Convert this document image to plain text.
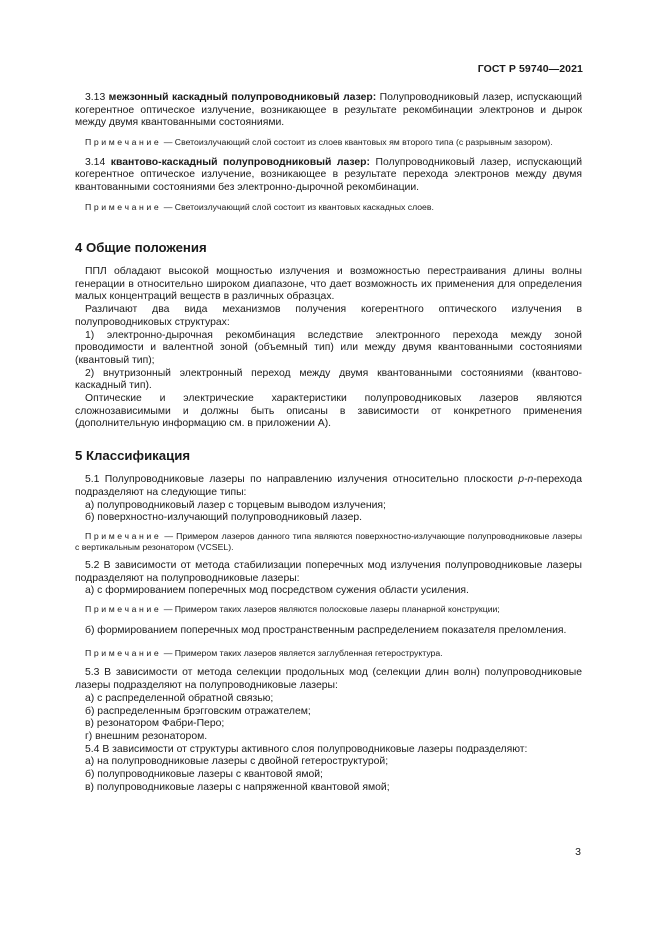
ГОСТ Р 59740—2021

3.13 межзонный каскадный полупроводниковый лазер: Полупроводниковый лазер, испускающий когерентное оптическое излучение, возникающее в результате рекомбинации электронов и дырок между двумя квантованными состояниями.

Примечание — Светоизлучающий слой состоит из слоев квантовых ям второго типа (с разрывным зазором).

3.14 квантово-каскадный полупроводниковый лазер: Полупроводниковый лазер, испускающий когерентное оптическое излучение, возникающее в результате перехода электронов между двумя квантованными состояниями без электронно-дырочной рекомбинации.

Примечание — Светоизлучающий слой состоит из квантовых каскадных слоев.

4 Общие положения

ППЛ обладают высокой мощностью излучения и возможностью перестраивания длины волны генерации в относительно широком диапазоне, что дает возможность их применения для определения малых концентраций веществ в различных образцах.

Различают два вида механизмов получения когерентного оптического излучения в полупроводниковых структурах:

1) электронно-дырочная рекомбинация вследствие электронного перехода между зоной проводимости и валентной зоной (объемный тип) или между двумя квантованными состояниями (квантовый тип);

2) внутризонный электронный переход между двумя квантованными состояниями (квантово-каскадный тип).

Оптические и электрические характеристики полупроводниковых лазеров являются сложнозависимыми и должны быть описаны в зависимости от конкретного применения (дополнительную информацию см. в приложении А).

5 Классификация

5.1 Полупроводниковые лазеры по направлению излучения относительно плоскости p-n-перехода подразделяют на следующие типы:

а) полупроводниковый лазер с торцевым выводом излучения;

б) поверхностно-излучающий полупроводниковый лазер.

Примечание — Примером лазеров данного типа являются поверхностно-излучающие полупроводниковые лазеры с вертикальным резонатором (VCSEL).

5.2 В зависимости от метода стабилизации поперечных мод излучения полупроводниковые лазеры подразделяют на полупроводниковые лазеры:

а) с формированием поперечных мод посредством сужения области усиления.

Примечание — Примером таких лазеров являются полосковые лазеры планарной конструкции;

б) формированием поперечных мод пространственным распределением показателя преломления.

Примечание — Примером таких лазеров является заглубленная гетероструктура.

5.3 В зависимости от метода селекции продольных мод (селекции длин волн) полупроводниковые лазеры подразделяют на полупроводниковые лазеры:

а) с распределенной обратной связью;

б) распределенным брэгговским отражателем;

в) резонатором Фабри-Перо;

г) внешним резонатором.

5.4 В зависимости от структуры активного слоя полупроводниковые лазеры подразделяют:

а) на полупроводниковые лазеры с двойной гетероструктурой;

б) полупроводниковые лазеры с квантовой ямой;

в) полупроводниковые лазеры с напряженной квантовой ямой;

3
